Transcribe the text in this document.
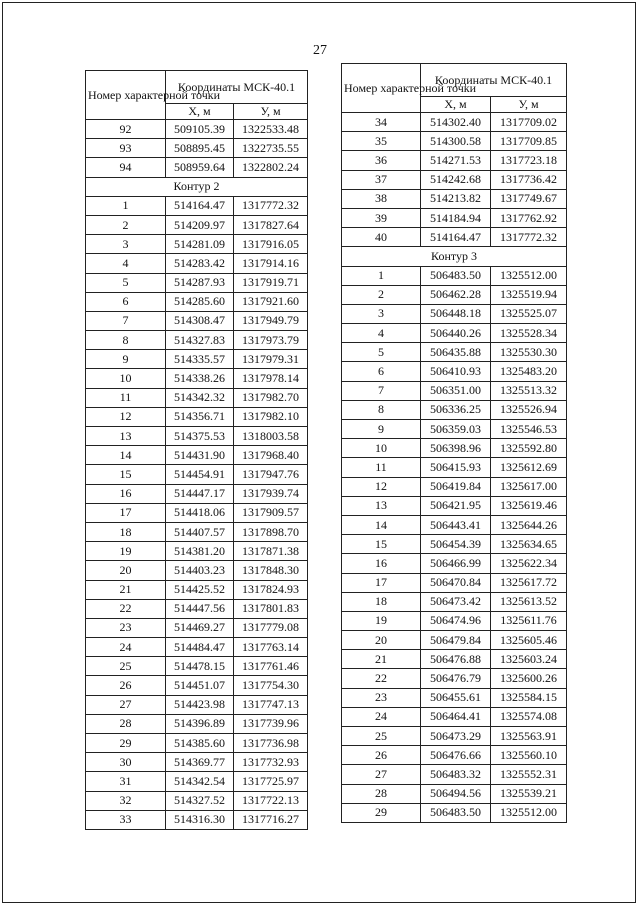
27
Номер характерной точки	Координаты МСК-40.1	
	X, м	У, м
92	509105.39	1322533.48
93	508895.45	1322735.55
94	508959.64	1322802.24
Контур 2		
1	514164.47	1317772.32
2	514209.97	1317827.64
3	514281.09	1317916.05
4	514283.42	1317914.16
5	514287.93	1317919.71
6	514285.60	1317921.60
7	514308.47	1317949.79
8	514327.83	1317973.79
9	514335.57	1317979.31
10	514338.26	1317978.14
11	514342.32	1317982.70
12	514356.71	1317982.10
13	514375.53	1318003.58
14	514431.90	1317968.40
15	514454.91	1317947.76
16	514447.17	1317939.74
17	514418.06	1317909.57
18	514407.57	1317898.70
19	514381.20	1317871.38
20	514403.23	1317848.30
21	514425.52	1317824.93
22	514447.56	1317801.83
23	514469.27	1317779.08
24	514484.47	1317763.14
25	514478.15	1317761.46
26	514451.07	1317754.30
27	514423.98	1317747.13
28	514396.89	1317739.96
29	514385.60	1317736.98
30	514369.77	1317732.93
31	514342.54	1317725.97
32	514327.52	1317722.13
33	514316.30	1317716.27
Номер характерной точки	Координаты МСК-40.1	
	X, м	У, м
34	514302.40	1317709.02
35	514300.58	1317709.85
36	514271.53	1317723.18
37	514242.68	1317736.42
38	514213.82	1317749.67
39	514184.94	1317762.92
40	514164.47	1317772.32
Контур 3		
1	506483.50	1325512.00
2	506462.28	1325519.94
3	506448.18	1325525.07
4	506440.26	1325528.34
5	506435.88	1325530.30
6	506410.93	1325483.20
7	506351.00	1325513.32
8	506336.25	1325526.94
9	506359.03	1325546.53
10	506398.96	1325592.80
11	506415.93	1325612.69
12	506419.84	1325617.00
13	506421.95	1325619.46
14	506443.41	1325644.26
15	506454.39	1325634.65
16	506466.99	1325622.34
17	506470.84	1325617.72
18	506473.42	1325613.52
19	506474.96	1325611.76
20	506479.84	1325605.46
21	506476.88	1325603.24
22	506476.79	1325600.26
23	506455.61	1325584.15
24	506464.41	1325574.08
25	506473.29	1325563.91
26	506476.66	1325560.10
27	506483.32	1325552.31
28	506494.56	1325539.21
29	506483.50	1325512.00
